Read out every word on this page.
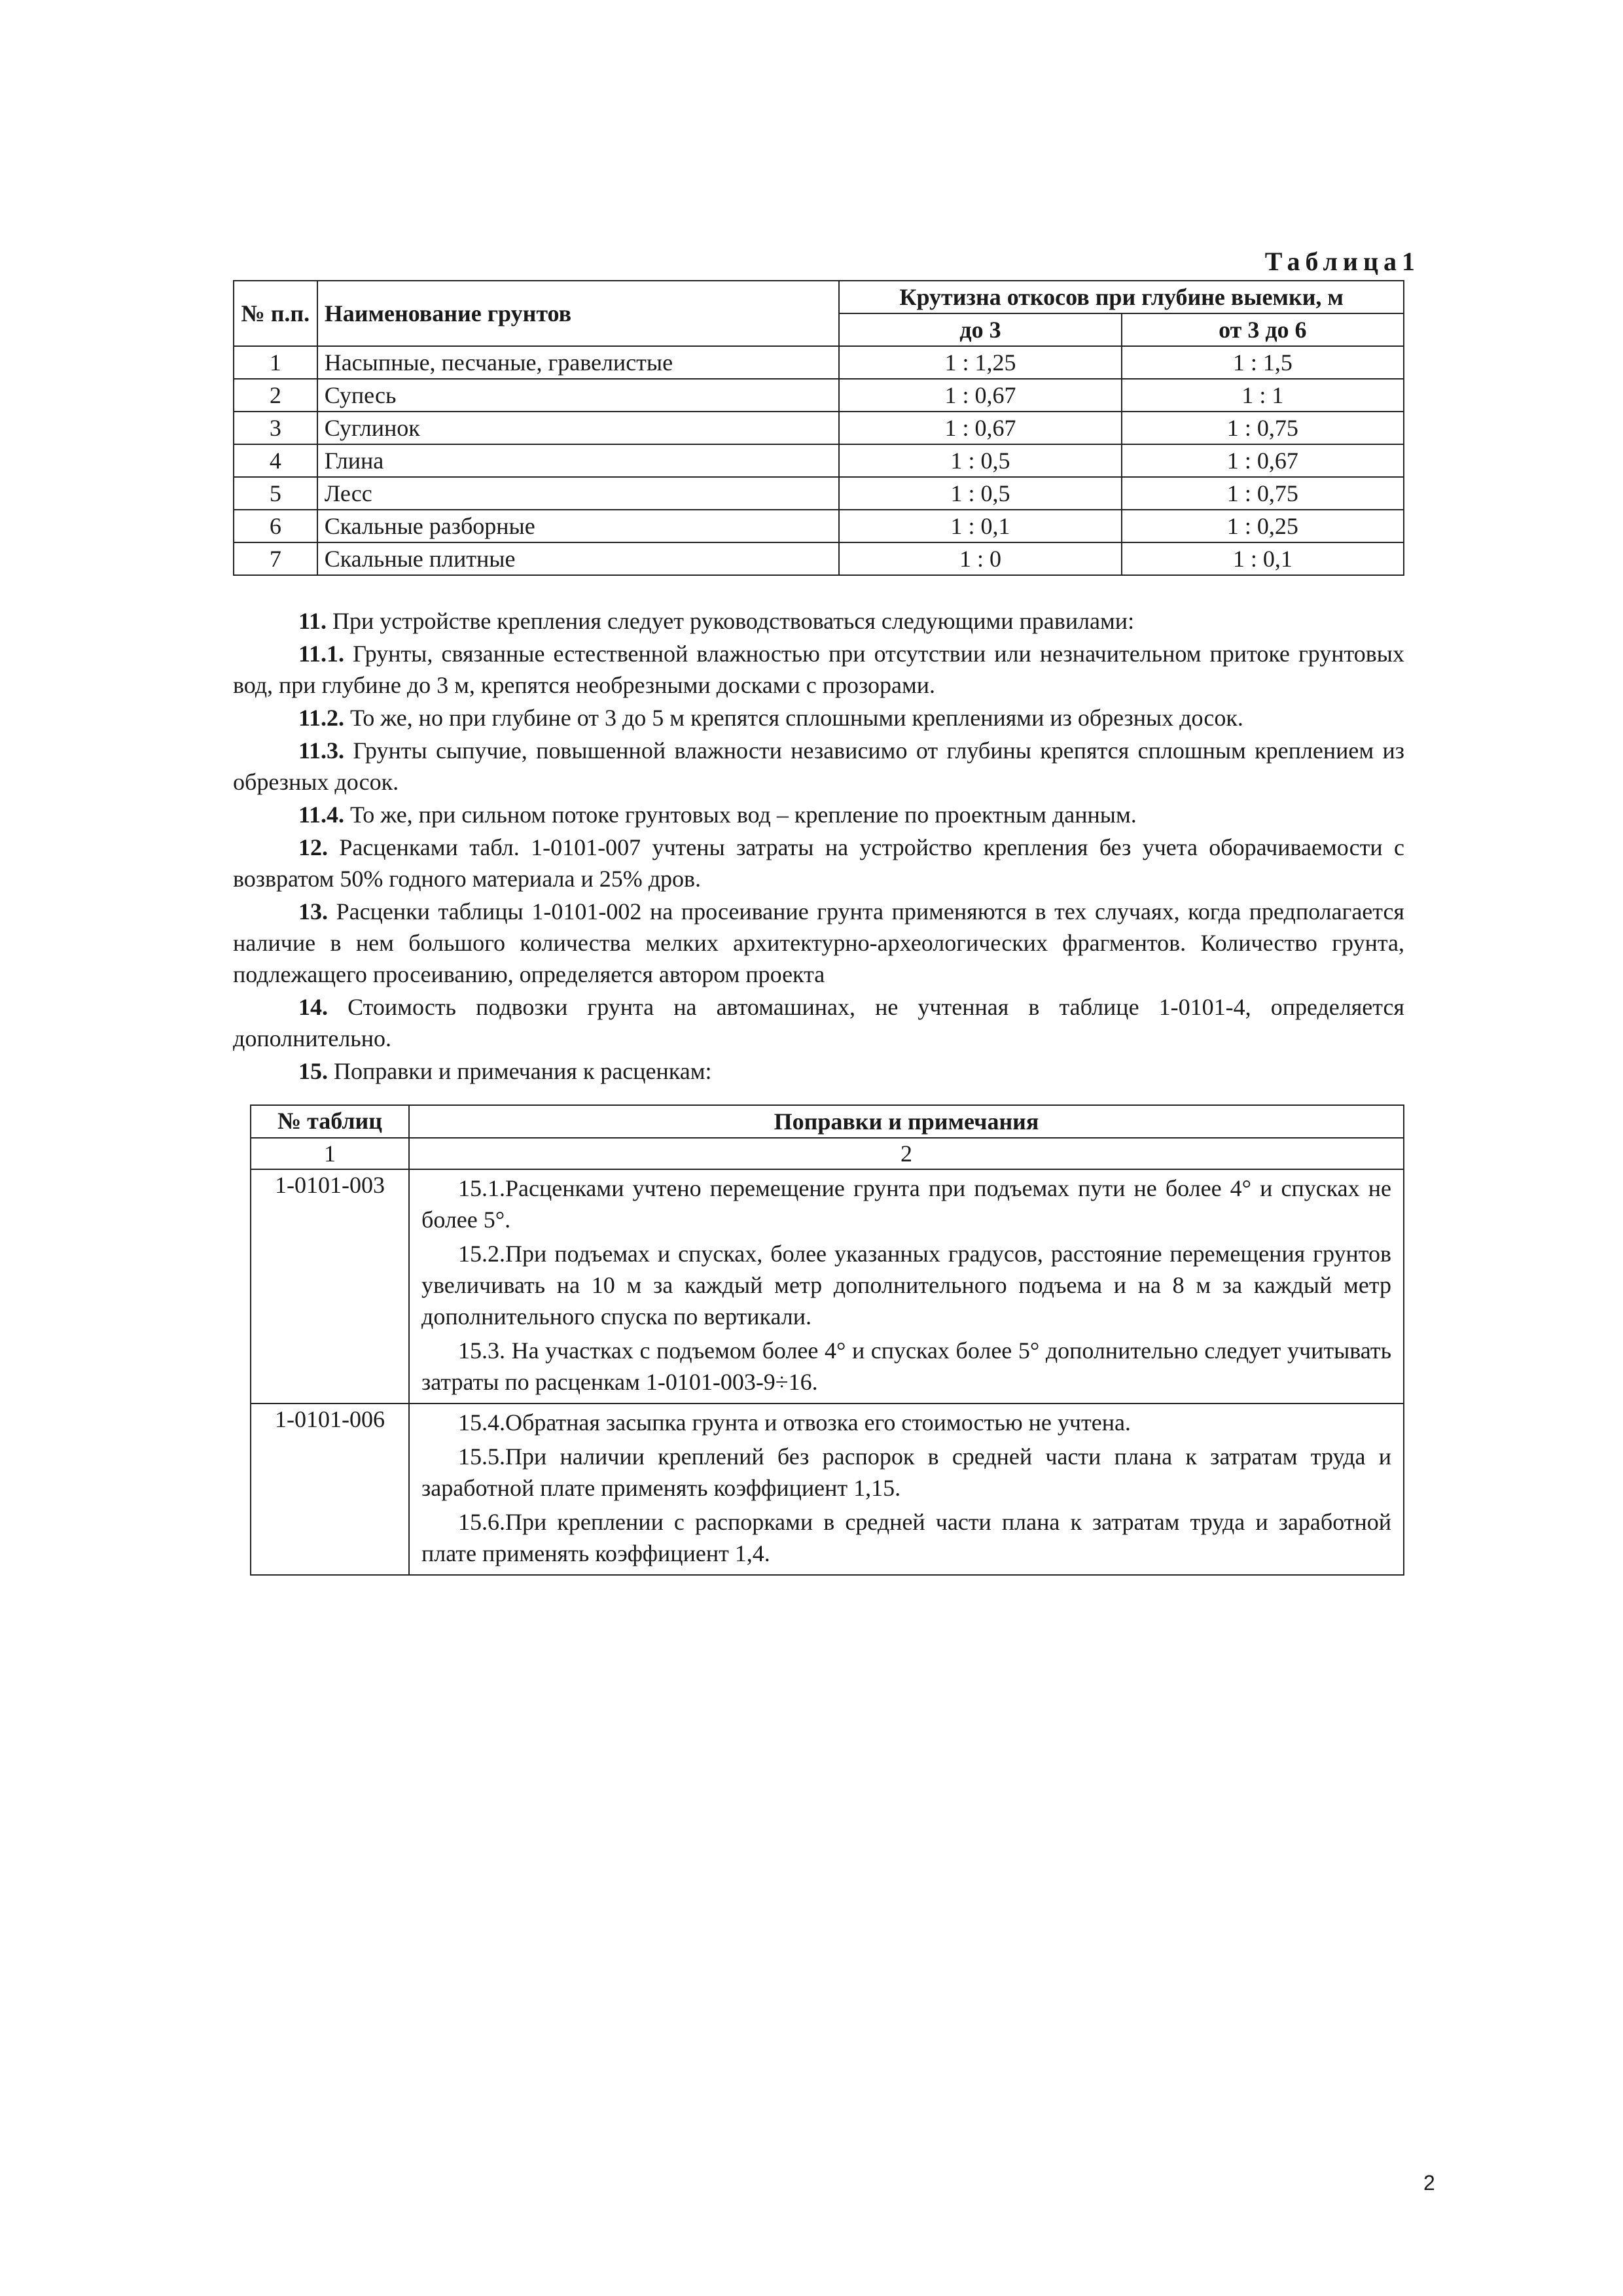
Таблица1
№ п.п.	Наименование грунтов	Крутизна откосов при глубине выемки, м	
		до 3	от 3 до 6
1	Насыпные, песчаные, гравелистые	1 : 1,25	1 : 1,5
2	Супесь	1 : 0,67	1 : 1
3	Суглинок	1 : 0,67	1 : 0,75
4	Глина	1 : 0,5	1 : 0,67
5	Лесс	1 : 0,5	1 : 0,75
6	Скальные разборные	1 : 0,1	1 : 0,25
7	Скальные плитные	1 : 0	1 : 0,1

11. При устройстве крепления следует руководствоваться следующими правилами:

11.1. Грунты, связанные естественной влажностью при отсутствии или незначительном притоке грунтовых вод, при глубине до 3 м, крепятся необрезными досками с прозорами.

11.2. То же, но при глубине от 3 до 5 м крепятся сплошными креплениями из обрезных досок.

11.3. Грунты сыпучие, повышенной влажности независимо от глубины крепятся сплошным креплением из обрезных досок.

11.4. То же, при сильном потоке грунтовых вод – крепление по проектным данным.

12. Расценками табл. 1-0101-007 учтены затраты на устройство крепления без учета оборачиваемости с возвратом 50% годного материала и 25% дров.

13. Расценки таблицы 1-0101-002 на просеивание грунта применяются в тех случаях, когда предполагается наличие в нем большого количества мелких архитектурно-археологических фрагментов. Количество грунта, подлежащего просеиванию, определяется автором проекта

14. Стоимость подвозки грунта на автомашинах, не учтенная в таблице 1-0101-4, определяется дополнительно.

15. Поправки и примечания к расценкам:

№ таблиц	Поправки и примечания
1	2
1-0101-003	15.1.Расценками учтено перемещение грунта при подъемах пути не более 4° и спусках не более 5°.

15.2.При подъемах и спусках, более указанных градусов, расстояние перемещения грунтов увеличивать на 10 м за каждый метр дополнительного подъема и на 8 м за каждый метр дополнительного спуска по вертикали.

15.3. На участках с подъемом более 4° и спусках более 5° дополнительно следует учитывать затраты по расценкам 1-0101-003-9÷16.

1-0101-006	15.4.Обратная засыпка грунта и отвозка его стоимостью не учтена.

15.5.При наличии креплений без распорок в средней части плана к затратам труда и заработной плате применять коэффициент 1,15.

15.6.При креплении с распорками в средней части плана к затратам труда и заработной плате применять коэффициент 1,4.

2
